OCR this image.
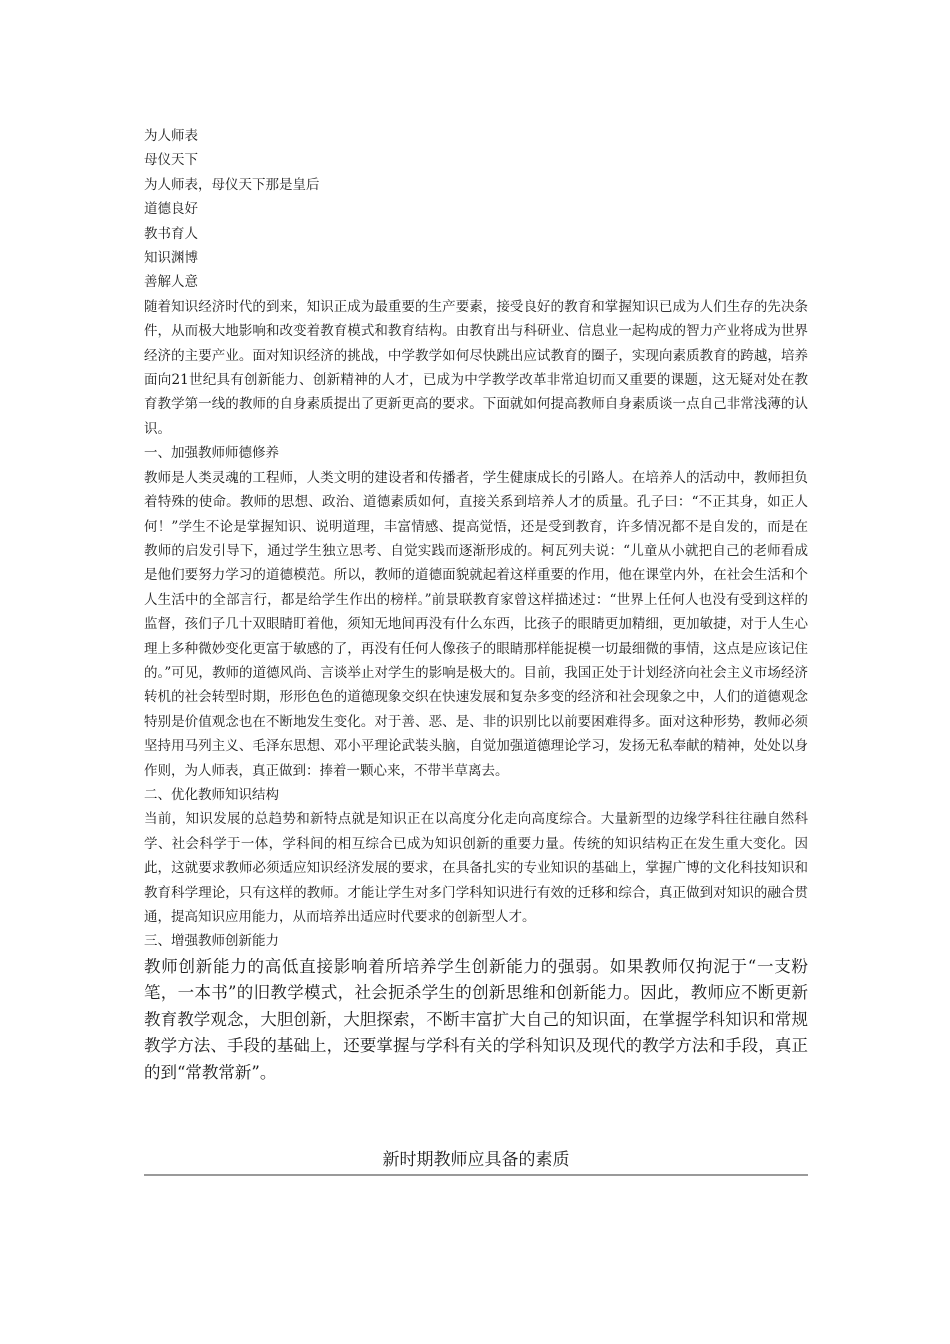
为人师表
母仪天下
为人师表，母仪天下那是皇后
道德良好
教书育人
知识渊博
善解人意

随着知识经济时代的到来，知识正成为最重要的生产要素，接受良好的教育和掌握知识已成为人们生存的先决条件，从而极大地影响和改变着教育模式和教育结构。由教育出与科研业、信息业一起构成的智力产业将成为世界经济的主要产业。面对知识经济的挑战，中学教学如何尽快跳出应试教育的圈子，实现向素质教育的跨越，培养面向21世纪具有创新能力、创新精神的人才，已成为中学教学改革非常迫切而又重要的课题，这无疑对处在教育教学第一线的教师的自身素质提出了更新更高的要求。下面就如何提高教师自身素质谈一点自己非常浅薄的认识。

一、加强教师师德修养

教师是人类灵魂的工程师，人类文明的建设者和传播者，学生健康成长的引路人。在培养人的活动中，教师担负着特殊的使命。教师的思想、政治、道德素质如何，直接关系到培养人才的质量。孔子曰：“不正其身，如正人何！”学生不论是掌握知识、说明道理，丰富情感、提高觉悟，还是受到教育，许多情况都不是自发的，而是在教师的启发引导下，通过学生独立思考、自觉实践而逐渐形成的。柯瓦列夫说：“儿童从小就把自己的老师看成是他们要努力学习的道德模范。所以，教师的道德面貌就起着这样重要的作用，他在课堂内外，在社会生活和个人生活中的全部言行，都是给学生作出的榜样。”前景联教育家曾这样描述过：“世界上任何人也没有受到这样的监督，孩们子几十双眼睛盯着他，须知无地间再没有什么东西，比孩子的眼睛更加精细，更加敏捷，对于人生心理上多种微妙变化更富于敏感的了，再没有任何人像孩子的眼睛那样能捉模一切最细微的事情，这点是应该记住的。”可见，教师的道德风尚、言谈举止对学生的影响是极大的。目前，我国正处于计划经济向社会主义市场经济转机的社会转型时期，形形色色的道德现象交织在快速发展和复杂多变的经济和社会现象之中，人们的道德观念特别是价值观念也在不断地发生变化。对于善、恶、是、非的识别比以前要困难得多。面对这种形势，教师必须坚持用马列主义、毛泽东思想、邓小平理论武装头脑，自觉加强道德理论学习，发扬无私奉献的精神，处处以身作则，为人师表，真正做到：捧着一颗心来，不带半草离去。

二、优化教师知识结构

当前，知识发展的总趋势和新特点就是知识正在以高度分化走向高度综合。大量新型的边缘学科往往融自然科学、社会科学于一体，学科间的相互综合已成为知识创新的重要力量。传统的知识结构正在发生重大变化。因此，这就要求教师必须适应知识经济发展的要求，在具备扎实的专业知识的基础上，掌握广博的文化科技知识和教育科学理论，只有这样的教师。才能让学生对多门学科知识进行有效的迁移和综合，真正做到对知识的融合贯通，提高知识应用能力，从而培养出适应时代要求的创新型人才。

三、增强教师创新能力

教师创新能力的高低直接影响着所培养学生创新能力的强弱。如果教师仅拘泥于“一支粉笔，一本书”的旧教学模式，社会扼杀学生的创新思维和创新能力。因此，教师应不断更新教育教学观念，大胆创新，大胆探索，不断丰富扩大自己的知识面，在掌握学科知识和常规教学方法、手段的基础上，还要掌握与学科有关的学科知识及现代的教学方法和手段，真正的到“常教常新”。

新时期教师应具备的素质
